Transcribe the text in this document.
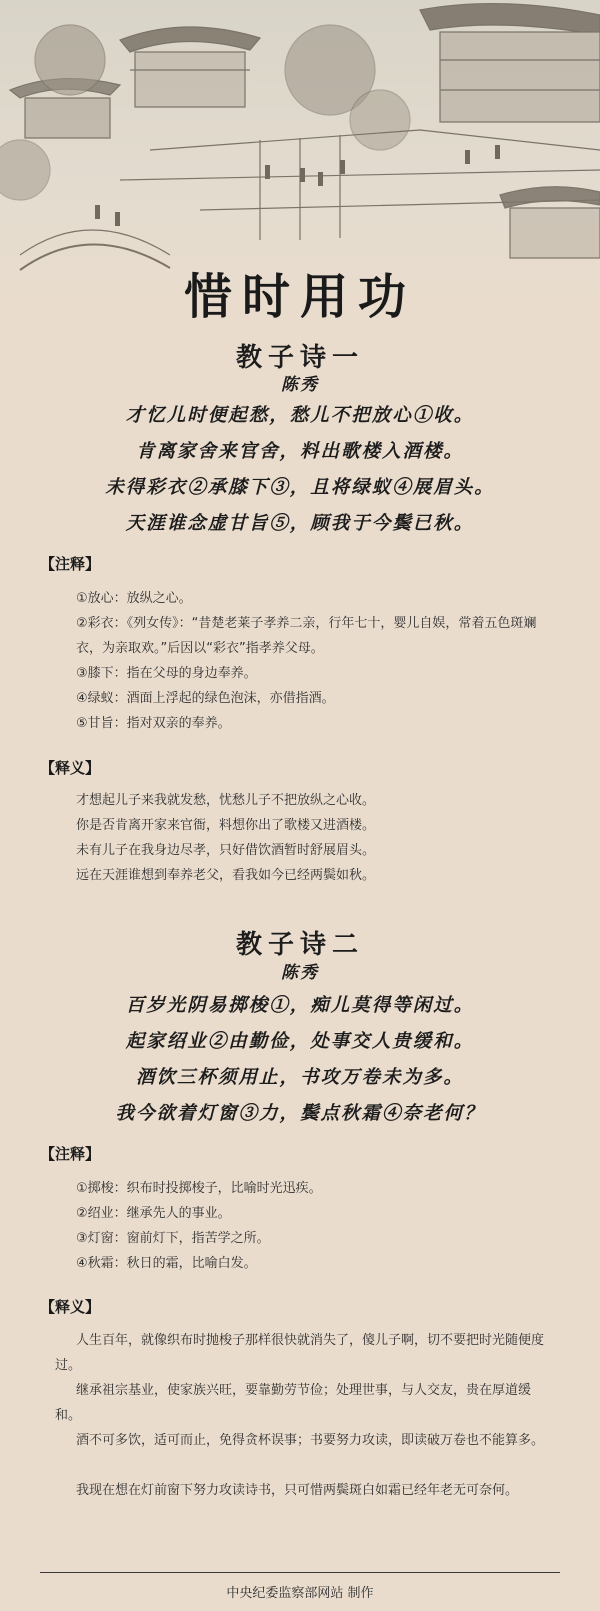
惜时用功
教子诗一
陈秀
才忆儿时便起愁，愁儿不把放心①收。
肯离家舍来官舍，料出歌楼入酒楼。
未得彩衣②承膝下③，且将绿蚁④展眉头。
天涯谁念虚甘旨⑤，顾我于今鬓已秋。
【注释】
①放心：放纵之心。
②彩衣：《列女传》：“昔楚老莱子孝养二亲，行年七十，婴儿自娱，常着五色斑斓衣，为亲取欢。”后因以“彩衣”指孝养父母。
③膝下：指在父母的身边奉养。
④绿蚁：酒面上浮起的绿色泡沫，亦借指酒。
⑤甘旨：指对双亲的奉养。
【释义】
才想起儿子来我就发愁，忧愁儿子不把放纵之心收。
你是否肯离开家来官衙，料想你出了歌楼又进酒楼。
未有儿子在我身边尽孝，只好借饮酒暂时舒展眉头。
远在天涯谁想到奉养老父，看我如今已经两鬓如秋。
教子诗二
陈秀
百岁光阴易掷梭①，痴儿莫得等闲过。
起家绍业②由勤俭，处事交人贵缓和。
酒饮三杯须用止，书攻万卷未为多。
我今欲着灯窗③力，鬓点秋霜④奈老何？
【注释】
①掷梭：织布时投掷梭子，比喻时光迅疾。
②绍业：继承先人的事业。
③灯窗：窗前灯下，指苦学之所。
④秋霜：秋日的霜，比喻白发。
【释义】
人生百年，就像织布时抛梭子那样很快就消失了，傻儿子啊，切不要把时光随便度过。
继承祖宗基业，使家族兴旺，要靠勤劳节俭；处理世事，与人交友，贵在厚道缓和。
酒不可多饮，适可而止，免得贪杯误事；书要努力攻读，即读破万卷也不能算多。
我现在想在灯前窗下努力攻读诗书，只可惜两鬓斑白如霜已经年老无可奈何。
中央纪委监察部网站 制作
